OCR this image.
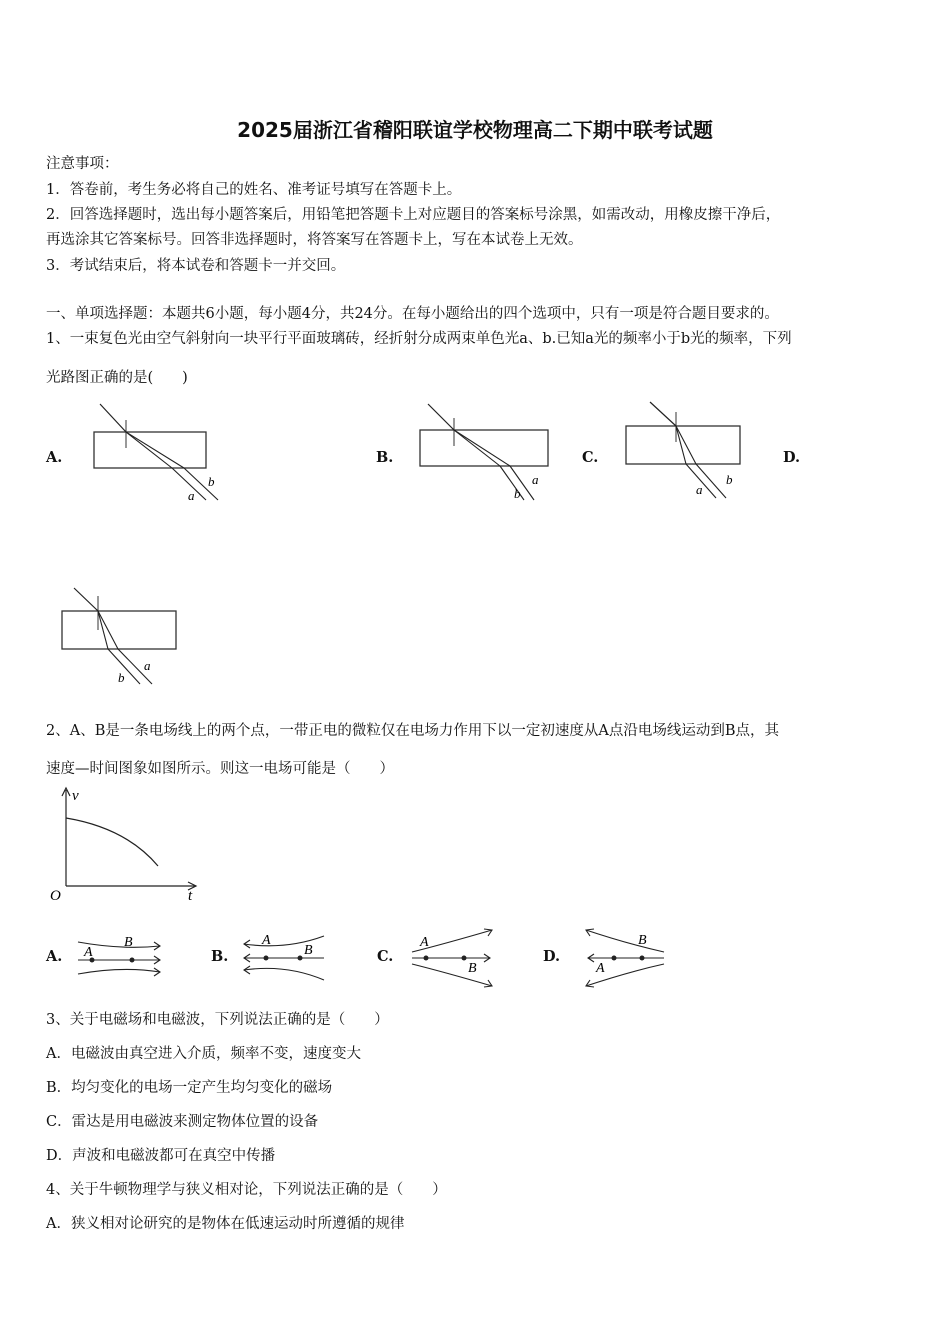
2025届浙江省稽阳联谊学校物理高二下期中联考试题
注意事项：
1．答卷前，考生务必将自己的姓名、准考证号填写在答题卡上。
2．回答选择题时，选出每小题答案后，用铅笔把答题卡上对应题目的答案标号涂黑，如需改动，用橡皮擦干净后，
再选涂其它答案标号。回答非选择题时，将答案写在答题卡上，写在本试卷上无效。
3．考试结束后，将本试卷和答题卡一并交回。
一、单项选择题：本题共6小题，每小题4分，共24分。在每小题给出的四个选项中，只有一项是符合题目要求的。
1、一束复色光由空气斜射向一块平行平面玻璃砖，经折射分成两束单色光a、b.已知a光的频率小于b光的频率，下列
光路图正确的是(　　)
A.	B.	C.	D.
a
b
b
a
a
b
b
a
2、A、B是一条电场线上的两个点，一带正电的微粒仅在电场力作用下以一定初速度从A点沿电场线运动到B点，其
速度—时间图象如图所示。则这一电场可能是（　　）
v
t
O
A.	B.	C.	D.
A
B	A
B
A
B	A
B
3、关于电磁场和电磁波，下列说法正确的是（　　）
A．电磁波由真空进入介质，频率不变，速度变大
B．均匀变化的电场一定产生均匀变化的磁场
C．雷达是用电磁波来测定物体位置的设备
D．声波和电磁波都可在真空中传播
4、关于牛顿物理学与狭义相对论，下列说法正确的是（　　）
A．狭义相对论研究的是物体在低速运动时所遵循的规律
